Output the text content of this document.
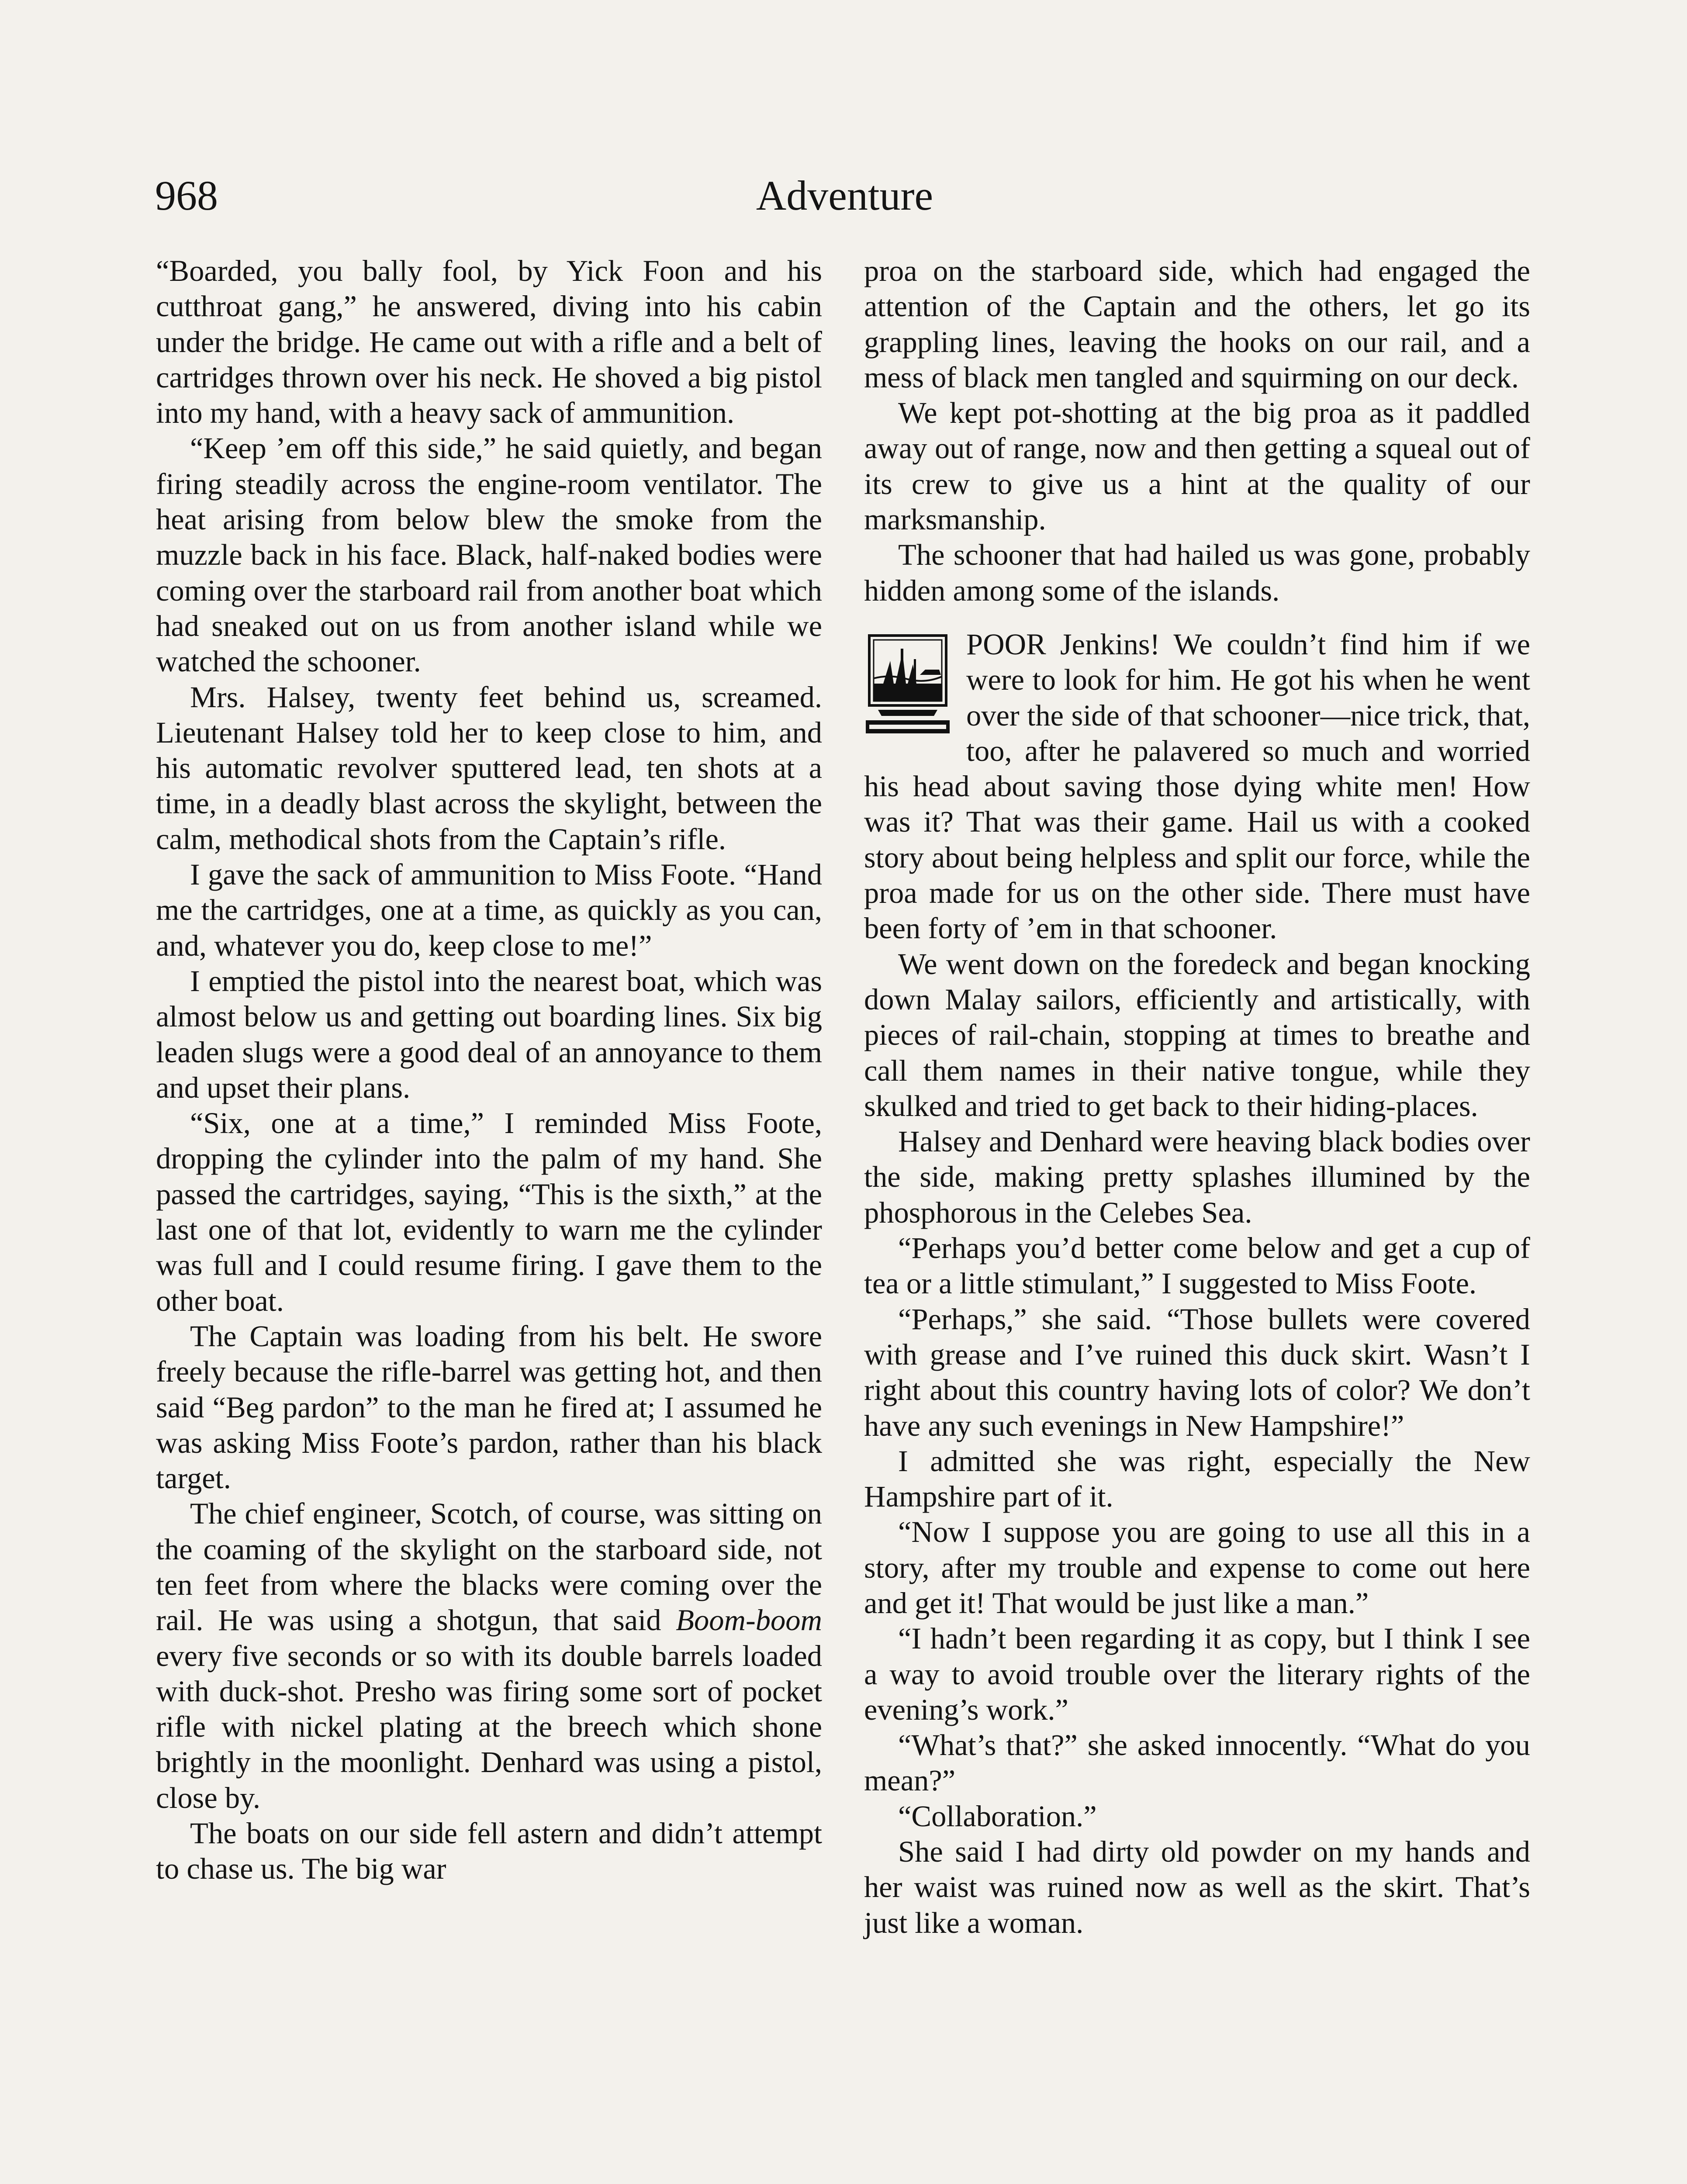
968	Adventure

“Boarded, you bally fool, by Yick Foon and his cutthroat gang,” he answered, diving into his cabin under the bridge. He came out with a rifle and a belt of cartridges thrown over his neck. He shoved a big pistol into my hand, with a heavy sack of ammunition.

“Keep ’em off this side,” he said quietly, and began firing steadily across the engine-room ventilator. The heat arising from below blew the smoke from the muzzle back in his face. Black, half-naked bodies were coming over the starboard rail from another boat which had sneaked out on us from another island while we watched the schooner.

Mrs. Halsey, twenty feet behind us, screamed. Lieutenant Halsey told her to keep close to him, and his automatic revolver sputtered lead, ten shots at a time, in a deadly blast across the skylight, between the calm, methodical shots from the Captain’s rifle.

I gave the sack of ammunition to Miss Foote. “Hand me the cartridges, one at a time, as quickly as you can, and, whatever you do, keep close to me!”

I emptied the pistol into the nearest boat, which was almost below us and getting out boarding lines. Six big leaden slugs were a good deal of an annoyance to them and upset their plans.

“Six, one at a time,” I reminded Miss Foote, dropping the cylinder into the palm of my hand. She passed the cartridges, saying, “This is the sixth,” at the last one of that lot, evidently to warn me the cylinder was full and I could resume firing. I gave them to the other boat.

The Captain was loading from his belt. He swore freely because the rifle-barrel was getting hot, and then said “Beg pardon” to the man he fired at; I assumed he was asking Miss Foote’s pardon, rather than his black target.

The chief engineer, Scotch, of course, was sitting on the coaming of the skylight on the starboard side, not ten feet from where the blacks were coming over the rail. He was using a shotgun, that said Boom-boom every five seconds or so with its double barrels loaded with duck-shot. Presho was firing some sort of pocket rifle with nickel plating at the breech which shone brightly in the moonlight. Denhard was using a pistol, close by.

The boats on our side fell astern and didn’t attempt to chase us. The big war

proa on the starboard side, which had engaged the attention of the Captain and the others, let go its grappling lines, leaving the hooks on our rail, and a mess of black men tangled and squirming on our deck.

We kept pot-shotting at the big proa as it paddled away out of range, now and then getting a squeal out of its crew to give us a hint at the quality of our marksmanship.

The schooner that had hailed us was gone, probably hidden among some of the islands.

POOR Jenkins! We couldn’t find him if we were to look for him. He got his when he went over the side of that schooner—nice trick, that, too, after he palavered so much and worried his head about saving those dying white men! How was it? That was their game. Hail us with a cooked story about being helpless and split our force, while the proa made for us on the other side. There must have been forty of ’em in that schooner.

We went down on the foredeck and began knocking down Malay sailors, efficiently and artistically, with pieces of rail-chain, stopping at times to breathe and call them names in their native tongue, while they skulked and tried to get back to their hiding-places.

Halsey and Denhard were heaving black bodies over the side, making pretty splashes illumined by the phosphorous in the Celebes Sea.

“Perhaps you’d better come below and get a cup of tea or a little stimulant,” I suggested to Miss Foote.

“Perhaps,” she said. “Those bullets were covered with grease and I’ve ruined this duck skirt. Wasn’t I right about this country having lots of color? We don’t have any such evenings in New Hampshire!”

I admitted she was right, especially the New Hampshire part of it.

“Now I suppose you are going to use all this in a story, after my trouble and expense to come out here and get it! That would be just like a man.”

“I hadn’t been regarding it as copy, but I think I see a way to avoid trouble over the literary rights of the evening’s work.”

“What’s that?” she asked innocently. “What do you mean?”

“Collaboration.”

She said I had dirty old powder on my hands and her waist was ruined now as well as the skirt. That’s just like a woman.
